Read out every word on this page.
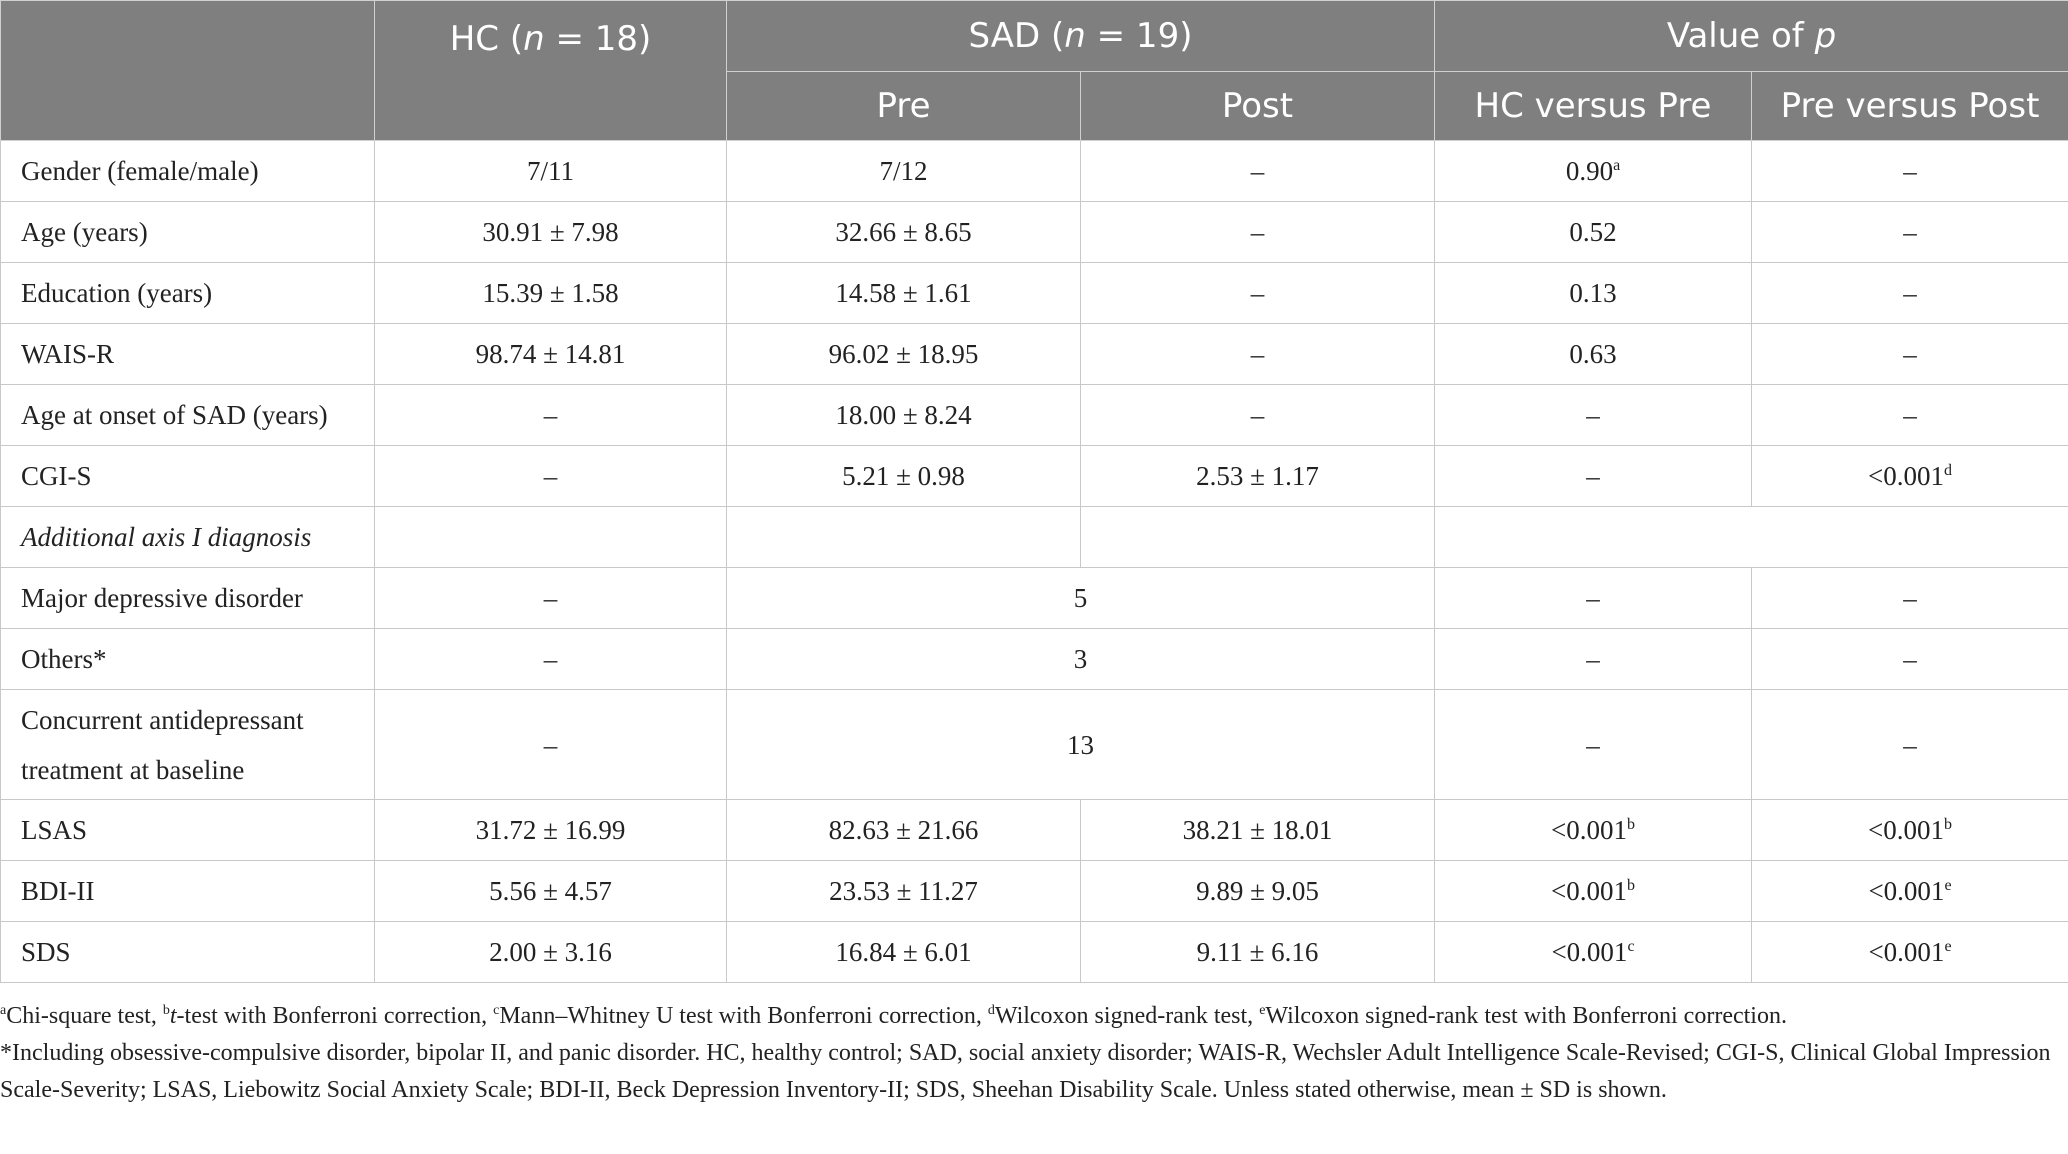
	HC (n = 18)	SAD (n = 19)		Value of p	
		Pre	Post	HC versus Pre	Pre versus Post
Gender (female/male)	7/11	7/12	–	0.90$^a$	–
Age (years)	30.91 ± 7.98	32.66 ± 8.65	–	0.52	–
Education (years)	15.39 ± 1.58	14.58 ± 1.61	–	0.13	–
WAIS-R	98.74 ± 14.81	96.02 ± 18.95	–	0.63	–
Age at onset of SAD (years)	–	18.00 ± 8.24	–	–	–
CGI-S	–	5.21 ± 0.98	2.53 ± 1.17	–	<0.001$^d$
Additional axis I diagnosis					
Major depressive disorder	–	5		–	–
Others*	–	3		–	–
Concurrent antidepressant
treatment at baseline	–	13		–	–
LSAS	31.72 ± 16.99	82.63 ± 21.66	38.21 ± 18.01	<0.001$^b$	<0.001$^b$
BDI-II	5.56 ± 4.57	23.53 ± 11.27	9.89 ± 9.05	<0.001$^b$	<0.001$^e$
SDS	2.00 ± 3.16	16.84 ± 6.01	9.11 ± 6.16	<0.001$^c$	<0.001$^e$

$^a$Chi-square test, $^b$t-test with Bonferroni correction, $^c$Mann–Whitney U test with Bonferroni correction, $^d$Wilcoxon signed-rank test, $^e$Wilcoxon signed-rank test with Bonferroni correction.

*Including obsessive-compulsive disorder, bipolar II, and panic disorder. HC, healthy control; SAD, social anxiety disorder; WAIS-R, Wechsler Adult Intelligence Scale-Revised; CGI-S, Clinical Global Impression Scale-Severity; LSAS, Liebowitz Social Anxiety Scale; BDI-II, Beck Depression Inventory-II; SDS, Sheehan Disability Scale. Unless stated otherwise, mean ± SD is shown.
